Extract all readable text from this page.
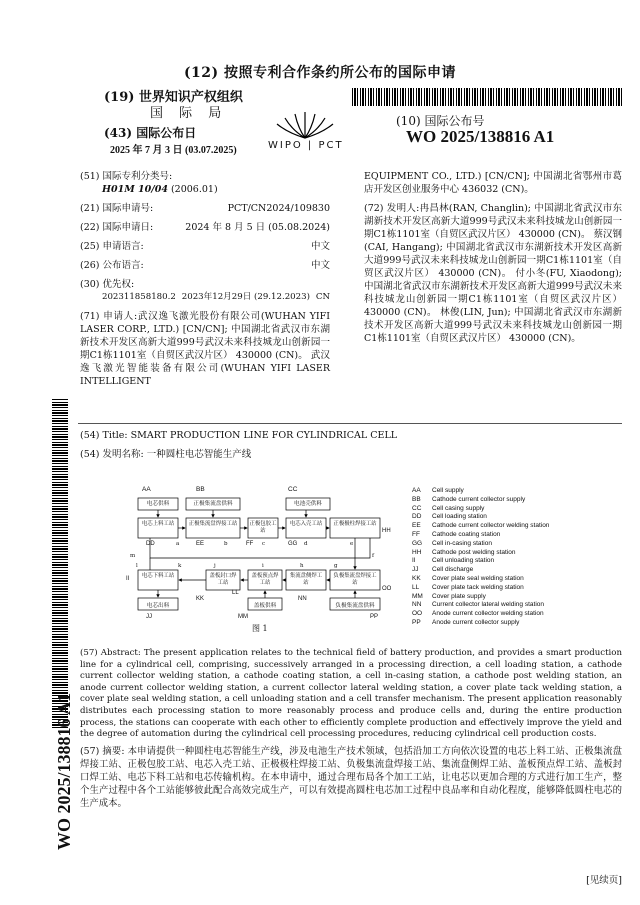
(12) 按照专利合作条约所公布的国际申请
(19) 世界知识产权组织
国 际 局
(43) 国际公布日
2025 年 7 月 3 日 (03.07.2025)	WIPO | PCT
(10) 国际公布号
WO 2025/138816 A1
(51) 国际专利分类号:
H01M 10/04 (2006.01)
(21) 国际申请号:	PCT/CN2024/109830
(22) 国际申请日:	2024 年 8 月 5 日 (05.08.2024)
(25) 申请语言:	中文
(26) 公布语言:	中文
(30) 优先权:
202311858180.2 2023年12月29日 (29.12.2023) CN
(71) 申请人:武汉逸飞激光股份有限公司(WUHAN YIFI LASER CORP., LTD.) [CN/CN]; 中国湖北省武汉市东湖新技术开发区高新大道999号武汉未来科技城龙山创新园一期C1栋1101室（自贸区武汉片区） 430000 (CN)。 武汉逸飞激光智能装备有限公司(WUHAN YIFI LASER INTELLIGENT
EQUIPMENT CO., LTD.) [CN/CN]; 中国湖北省鄂州市葛店开发区创业服务中心 436032 (CN)。
(72) 发明人:冉昌林(RAN, Changlin); 中国湖北省武汉市东湖新技术开发区高新大道999号武汉未来科技城龙山创新园一期C1栋1101室（自贸区武汉片区） 430000 (CN)。 蔡汉钢(CAI, Hangang); 中国湖北省武汉市东湖新技术开发区高新大道999号武汉未来科技城龙山创新园一期C1栋1101室（自贸区武汉片区） 430000 (CN)。 付小冬(FU, Xiaodong); 中国湖北省武汉市东湖新技术开发区高新大道999号武汉未来科技城龙山创新园一期C1栋1101室（自贸区武汉片区） 430000 (CN)。 林俊(LIN, Jun); 中国湖北省武汉市东湖新技术开发区高新大道999号武汉未来科技城龙山创新园一期C1栋1101室（自贸区武汉片区） 430000 (CN)。
WO 2025/138816 A1
(54) Title: SMART PRODUCTION LINE FOR CYLINDRICAL CELL
(54) 发明名称: 一种圆柱电芯智能生产线
AA	BB	CC
电芯供料	正极集流盘供料	电池壳供料
电芯上料工站	正极集流盘焊接工站 正极包胶工站
电芯入壳工站	正极极柱焊接工站
DD	EE	FF	GG
HH
电芯下料工站	盖板封口焊工站
盖板预点焊工站
集流盘侧焊工站
负极集流盘焊接工站
II
KK
LL
NN
OO
电芯出料	盖板供料	负极集流盘供料
JJ	MM	PP
a	b	c	d	e
f
g
h
i
j
k
l
m
图 1
AA Cell supply
BB Cathode current collector supply
CC Cell casing supply
DD Cell loading station
EE Cathode current collector welding station
FF Cathode coating station
GG Cell in-casing station
HH Cathode post welding station
II	Cell unloading station
JJ Cell discharge
KK Cover plate seal welding station
LL Cover plate tack welding station
MM Cover plate supply
NN Current collector lateral welding station
OO Anode current collector welding station
PP Anode current collector supply
(57) Abstract: The present application relates to the technical field of battery production, and provides a smart production line for a cylindrical cell, comprising, successively arranged in a processing direction, a cell loading station, a cathode current collector welding station, a cathode coating station, a cell in-casing station, a cathode post welding station, an anode current collector welding station, a current collector lateral welding station, a cover plate tack welding station, a cover plate seal welding station, a cell unloading station and a cell transfer mechanism. The present application reasonably distributes each processing station to more reasonably process and produce cells and, during the entire production process, the stations can cooperate with each other to efficiently complete production and effectively improve the yield and the degree of automation during the cylindrical cell processing procedures, reducing cylindrical cell production costs.
(57) 摘要: 本申请提供一种圆柱电芯智能生产线，涉及电池生产技术领域，包括沿加工方向依次设置的电芯上料工站、正极集流盘焊接工站、正极包胶工站、电芯入壳工站、正极极柱焊接工站、负极集流盘焊接工站、集流盘侧焊工站、盖板预点焊工站、盖板封口焊工站、电芯下料工站和电芯传输机构。在本申请中，通过合理布局各个加工工站，让电芯以更加合理的方式进行加工生产，整个生产过程中各个工站能够彼此配合高效完成生产，可以有效提高圆柱电芯加工过程中良品率和自动化程度，能够降低圆柱电芯的生产成本。
[见续页]
